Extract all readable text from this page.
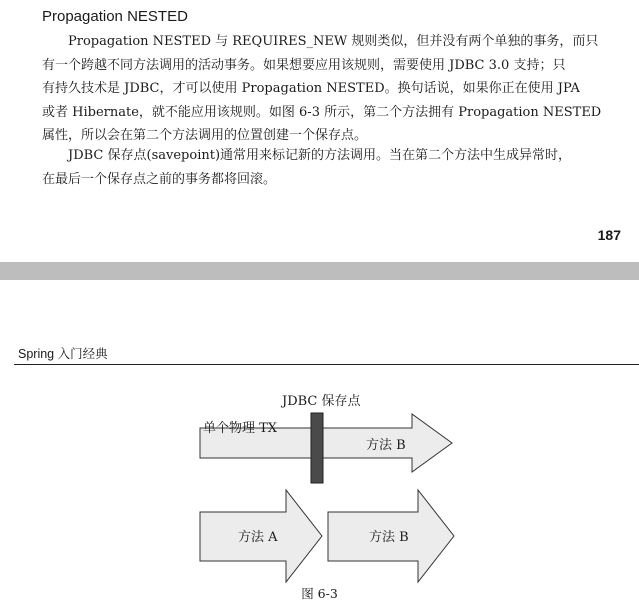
Propagation NESTED

Propagation NESTED 与 REQUIRES_NEW 规则类似，但并没有两个单独的事务，而只
有一个跨越不同方法调用的活动事务。如果想要应用该规则，需要使用 JDBC 3.0 支持；只
有持久技术是 JDBC，才可以使用 Propagation NESTED。换句话说，如果你正在使用 JPA
或者 Hibernate，就不能应用该规则。如图 6-3 所示，第二个方法拥有 Propagation NESTED
属性，所以会在第二个方法调用的位置创建一个保存点。

JDBC 保存点(savepoint)通常用来标记新的方法调用。当在第二个方法中生成异常时，
在最后一个保存点之前的事务都将回滚。

187
Spring 入门经典
JDBC 保存点
单个物理 TX
方法 B
方法 A	方法 B
图 6-3
